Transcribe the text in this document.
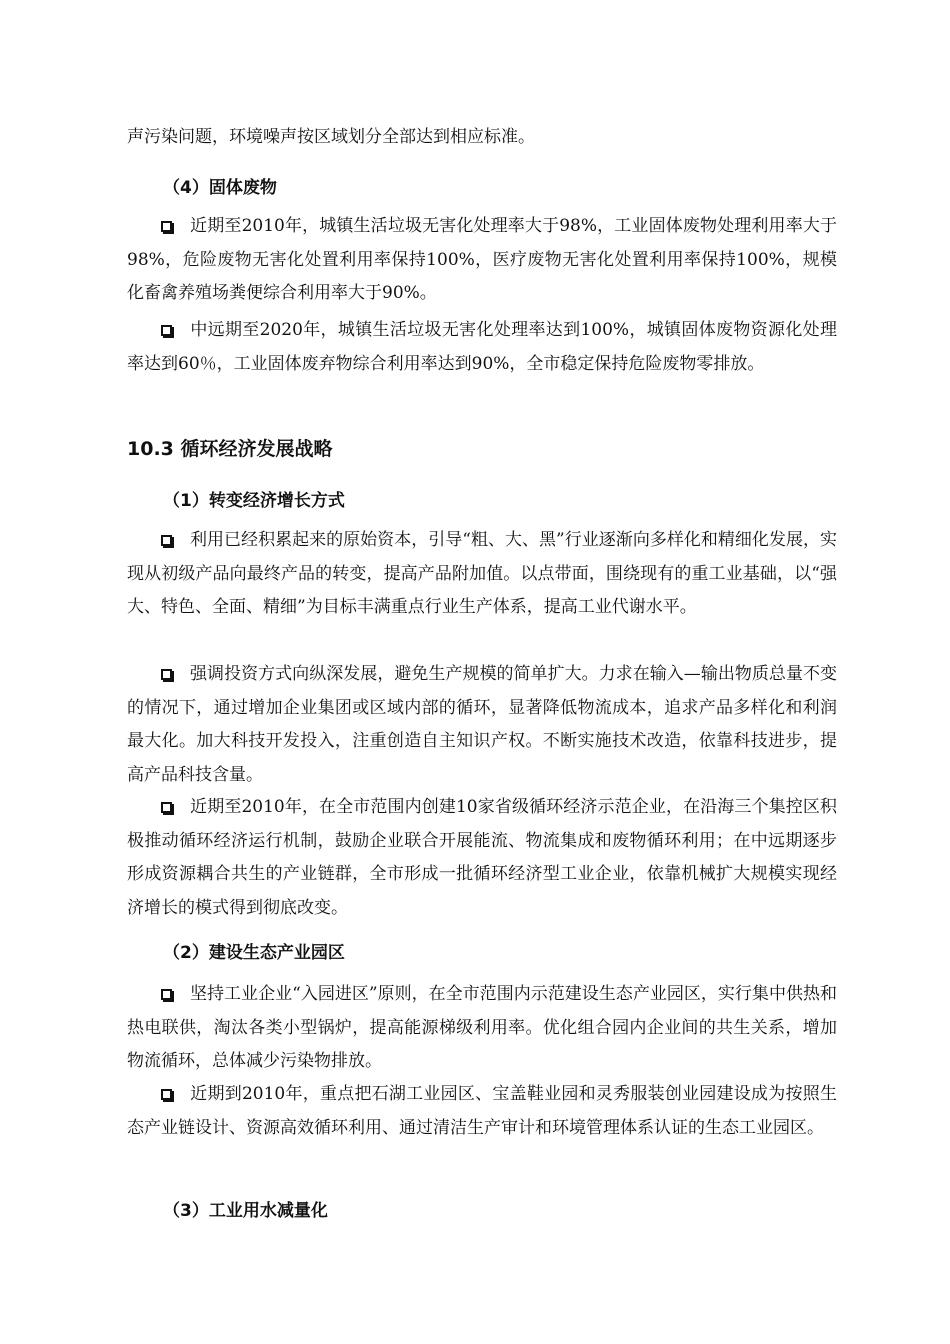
声污染问题，环境噪声按区域划分全部达到相应标准。

（4）固体废物

近期至2010年，城镇生活垃圾无害化处理率大于98%，工业固体废物处理利用率大于98%，危险废物无害化处置利用率保持100%，医疗废物无害化处置利用率保持100%，规模化畜禽养殖场粪便综合利用率大于90%。

中远期至2020年，城镇生活垃圾无害化处理率达到100%，城镇固体废物资源化处理率达到60％，工业固体废弃物综合利用率达到90%，全市稳定保持危险废物零排放。

10.3 循环经济发展战略

（1）转变经济增长方式

利用已经积累起来的原始资本，引导“粗、大、黑”行业逐渐向多样化和精细化发展，实现从初级产品向最终产品的转变，提高产品附加值。以点带面，围绕现有的重工业基础，以“强大、特色、全面、精细”为目标丰满重点行业生产体系，提高工业代谢水平。

强调投资方式向纵深发展，避免生产规模的简单扩大。力求在输入—输出物质总量不变的情况下，通过增加企业集团或区域内部的循环，显著降低物流成本，追求产品多样化和利润最大化。加大科技开发投入，注重创造自主知识产权。不断实施技术改造，依靠科技进步，提高产品科技含量。

近期至2010年，在全市范围内创建10家省级循环经济示范企业，在沿海三个集控区积极推动循环经济运行机制，鼓励企业联合开展能流、物流集成和废物循环利用；在中远期逐步形成资源耦合共生的产业链群，全市形成一批循环经济型工业企业，依靠机械扩大规模实现经济增长的模式得到彻底改变。

（2）建设生态产业园区

坚持工业企业“入园进区”原则，在全市范围内示范建设生态产业园区，实行集中供热和热电联供，淘汰各类小型锅炉，提高能源梯级利用率。优化组合园内企业间的共生关系，增加物流循环，总体减少污染物排放。

近期到2010年，重点把石湖工业园区、宝盖鞋业园和灵秀服装创业园建设成为按照生态产业链设计、资源高效循环利用、通过清洁生产审计和环境管理体系认证的生态工业园区。

（3）工业用水减量化
